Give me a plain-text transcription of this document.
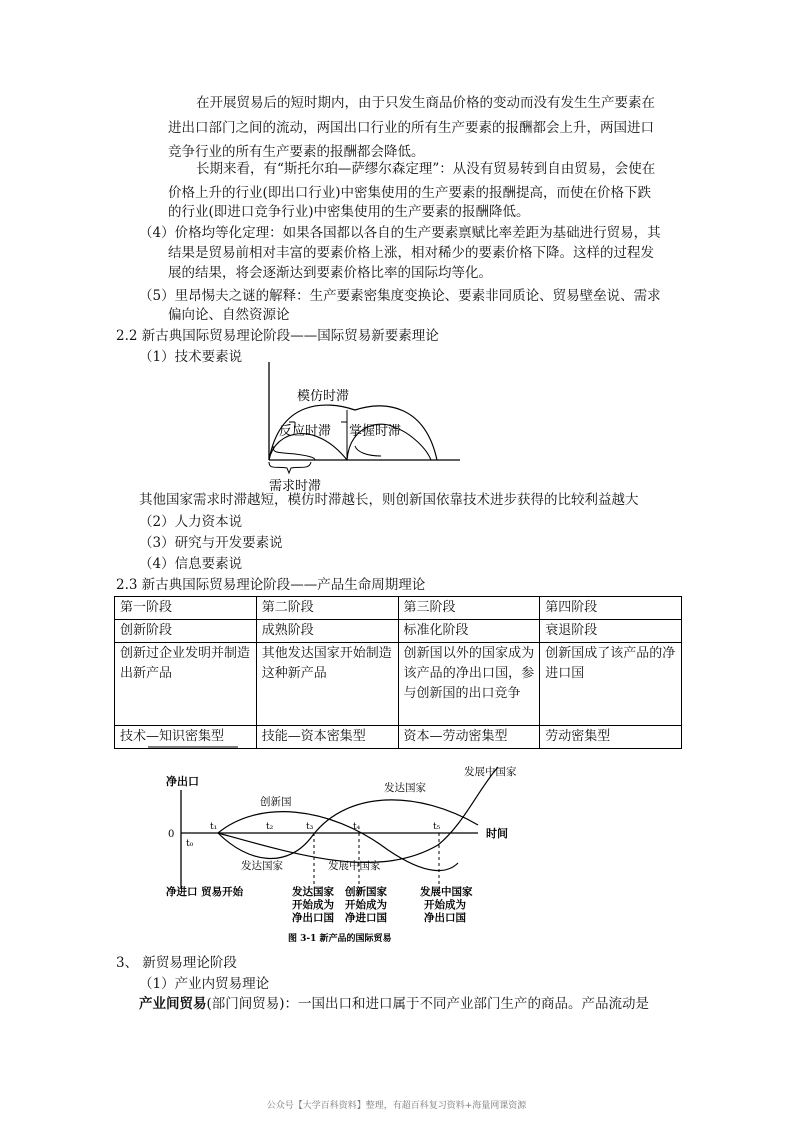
在开展贸易后的短时期内，由于只发生商品价格的变动而没有发生生产要素在
进出口部门之间的流动，两国出口行业的所有生产要素的报酬都会上升，两国进口
竞争行业的所有生产要素的报酬都会降低。
长期来看，有“斯托尔珀—萨缪尔森定理”：从没有贸易转到自由贸易，会使在
价格上升的行业(即出口行业)中密集使用的生产要素的报酬提高，而使在价格下跌
的行业(即进口竞争行业)中密集使用的生产要素的报酬降低。
（4）价格均等化定理：如果各国都以各自的生产要素禀赋比率差距为基础进行贸易，其
结果是贸易前相对丰富的要素价格上涨，相对稀少的要素价格下降。这样的过程发
展的结果，将会逐渐达到要素价格比率的国际均等化。
（5）里昂惕夫之谜的解释：生产要素密集度变换论、要素非同质论、贸易壁垒说、需求
偏向论、自然资源论
2.2 新古典国际贸易理论阶段——国际贸易新要素理论
（1）技术要素说
模仿时滞
反应时滞 掌握时滞
需求时滞
其他国家需求时滞越短，模仿时滞越长，则创新国依靠技术进步获得的比较利益越大
（2）人力资本说
（3）研究与开发要素说
（4）信息要素说
2.3 新古典国际贸易理论阶段——产品生命周期理论
第一阶段	第二阶段	第三阶段	第四阶段
创新阶段	成熟阶段	标准化阶段	衰退阶段
创新过企业发明并制造出新产品	其他发达国家开始制造这种新产品	创新国以外的国家成为该产品的净出口国，参与创新国的出口竞争	创新国成了该产品的净进口国
技术—知识密集型	技能—资本密集型	资本—劳动密集型	劳动密集型
净出口
0	时间
t₀
t₁	t₂	t₃	t₄	t₅
创新国
发达国家
发展中国家
发达国家	发展中国家
净进口 贸易开始	发达国家
开始成为
净出口国
创新国家
开始成为
净进口国
发展中国家
开始成为
净出口国
图 3-1 新产品的国际贸易
3、 新贸易理论阶段
（1）产业内贸易理论
产业间贸易(部门间贸易)：一国出口和进口属于不同产业部门生产的商品。产品流动是
公众号【大学百科资料】整理，有超百科复习资料+海量网课资源
